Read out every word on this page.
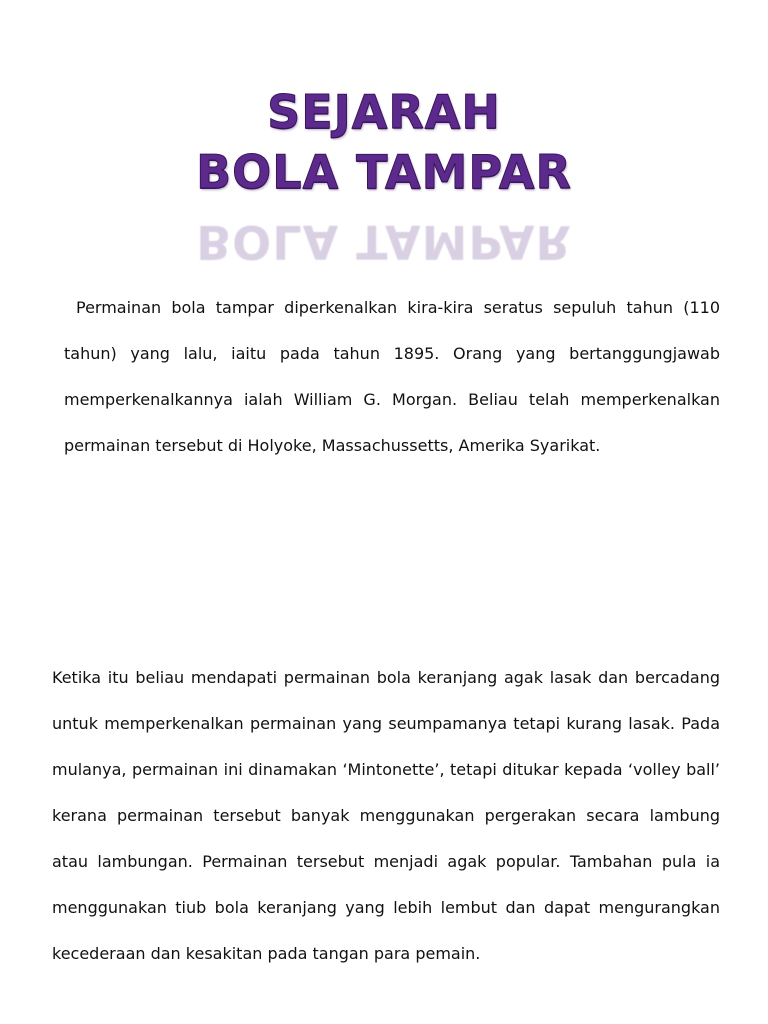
SEJARAH
BOLA TAMPAR
BOLA TAMPAR
Permainan bola tampar diperkenalkan kira-kira seratus sepuluh tahun (110 tahun) yang lalu, iaitu pada tahun 1895. Orang yang bertanggungjawab memperkenalkannya ialah William G. Morgan. Beliau telah memperkenalkan permainan tersebut di Holyoke, Massachussetts, Amerika Syarikat.
Ketika itu beliau mendapati permainan bola keranjang agak lasak dan bercadang untuk memperkenalkan permainan yang seumpamanya tetapi kurang lasak. Pada mulanya, permainan ini dinamakan ‘Mintonette’, tetapi ditukar kepada ‘volley ball’ kerana permainan tersebut banyak menggunakan pergerakan secara lambung atau lambungan. Permainan tersebut menjadi agak popular. Tambahan pula ia menggunakan tiub bola keranjang yang lebih lembut dan dapat mengurangkan kecederaan dan kesakitan pada tangan para pemain.
